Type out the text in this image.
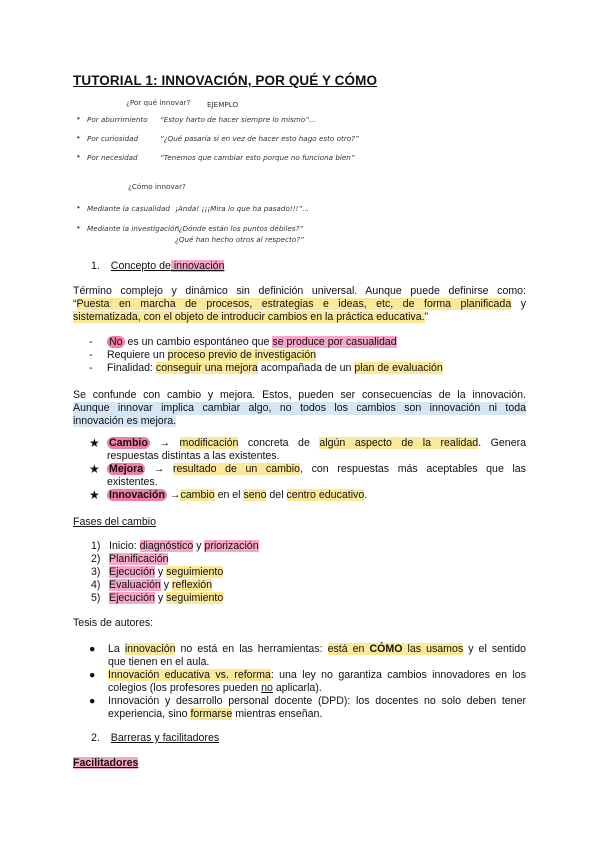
TUTORIAL 1: INNOVACIÓN, POR QUÉ Y CÓMO
¿Por qué innovar? EJEMPLO
• Por aburrimiento “Estoy harto de hacer siempre lo mismo”...
• Por curiosidad	“¿Qué pasaría si en vez de hacer esto hago esto otro?”
• Por necesidad	“Tenemos que cambiar esto porque no funciona bien”
¿Cómo innovar?
• Mediante la casualidad ¡Anda! ¡¡¡Mira lo que ha pasado!!!”...
• Mediante la investigación
“¿Dónde están los puntos débiles?”
¿Qué han hecho otros al respecto?”
1. Concepto de innovación
Término complejo y dinámico sin definición universal. Aunque puede definirse como:
“Puesta en marcha de procesos, estrategias e ideas, etc, de forma planificada y
sistematizada, con el objeto de introducir cambios en la práctica educativa.”
- No es un cambio espontáneo que se produce por casualidad
- Requiere un proceso previo de investigación
- Finalidad: conseguir una mejora acompañada de un plan de evaluación
Se confunde con cambio y mejora. Estos, pueden ser consecuencias de la innovación.
Aunque innovar implica cambiar algo, no todos los cambios son innovación ni toda
innovación es mejora.
★ Cambio → modificación concreta de algún aspecto de la realidad. Genera
respuestas distintas a las existentes.
★ Mejora → resultado de un cambio, con respuestas más aceptables que las
existentes.
★ Innovación →cambio en el seno del centro educativo.
Fases del cambio
1) Inicio: diagnóstico y priorización
2) Planificación
3) Ejecución y seguimiento
4) Evaluación y reflexión
5) Ejecución y seguimiento
Tesis de autores:
● La innovación no está en las herramientas: está en CÓMO las usamos y el sentido
que tienen en el aula.
● Innovación educativa vs. reforma: una ley no garantiza cambios innovadores en los
colegios (los profesores pueden no aplicarla).
● Innovación y desarrollo personal docente (DPD): los docentes no solo deben tener
experiencia, sino formarse mientras enseñan.
2. Barreras y facilitadores
Facilitadores
